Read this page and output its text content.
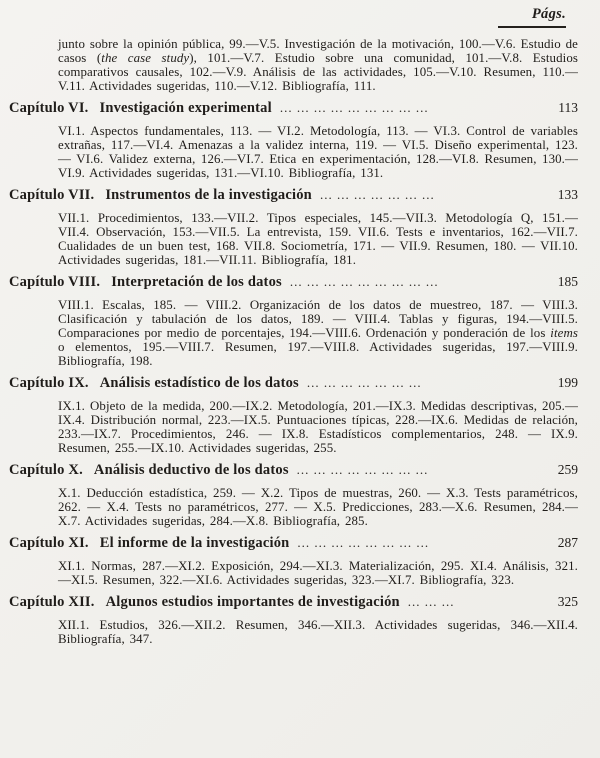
Págs.

junto sobre la opinión pública, 99.—V.5. Investigación de la motivación, 100.—V.6. Estudio de casos (the case study), 101.—V.7. Estudio sobre una comunidad, 101.—V.8. Estudios comparativos causales, 102.—V.9. Análisis de las actividades, 105.—V.10. Resumen, 110.—V.11. Actividades sugeridas, 110.—V.12. Bibliografía, 111.

Capítulo VI. Investigación experimental ... ... ... ... ... ... ... ... ...	113

VI.1. Aspectos fundamentales, 113. — VI.2. Metodología, 113. — VI.3. Control de variables extrañas, 117.—VI.4. Amenazas a la validez interna, 119. — VI.5. Diseño experimental, 123. — VI.6. Validez externa, 126.—VI.7. Etica en experimentación, 128.—VI.8. Resumen, 130.—VI.9. Actividades sugeridas, 131.—VI.10. Bibliografía, 131.

Capítulo VII. Instrumentos de la investigación ... ... ... ... ... ... ...	133

VII.1. Procedimientos, 133.—VII.2. Tipos especiales, 145.—VII.3. Metodología Q, 151.—VII.4. Observación, 153.—VII.5. La entrevista, 159. VII.6. Tests e inventarios, 162.—VII.7. Cualidades de un buen test, 168. VII.8. Sociometría, 171. — VII.9. Resumen, 180. — VII.10. Actividades sugeridas, 181.—VII.11. Bibliografía, 181.

Capítulo VIII. Interpretación de los datos ... ... ... ... ... ... ... ... ...	185

VIII.1. Escalas, 185. — VIII.2. Organización de los datos de muestreo, 187. — VIII.3. Clasificación y tabulación de los datos, 189. — VIII.4. Tablas y figuras, 194.—VIII.5. Comparaciones por medio de porcentajes, 194.—VIII.6. Ordenación y ponderación de los items o elementos, 195.—VIII.7. Resumen, 197.—VIII.8. Actividades sugeridas, 197.—VIII.9. Bibliografía, 198.

Capítulo IX. Análisis estadístico de los datos ... ... ... ... ... ... ...	199

IX.1. Objeto de la medida, 200.—IX.2. Metodología, 201.—IX.3. Medidas descriptivas, 205.—IX.4. Distribución normal, 223.—IX.5. Puntuaciones típicas, 228.—IX.6. Medidas de relación, 233.—IX.7. Procedimientos, 246. — IX.8. Estadísticos complementarios, 248. — IX.9. Resumen, 255.—IX.10. Actividades sugeridas, 255.

Capítulo X. Análisis deductivo de los datos ... ... ... ... ... ... ... ...	259

X.1. Deducción estadística, 259. — X.2. Tipos de muestras, 260. — X.3. Tests paramétricos, 262. — X.4. Tests no paramétricos, 277. — X.5. Predicciones, 283.—X.6. Resumen, 284.—X.7. Actividades sugeridas, 284.—X.8. Bibliografía, 285.

Capítulo XI. El informe de la investigación ... ... ... ... ... ... ... ...	287

XI.1. Normas, 287.—XI.2. Exposición, 294.—XI.3. Materialización, 295. XI.4. Análisis, 321.—XI.5. Resumen, 322.—XI.6. Actividades sugeridas, 323.—XI.7. Bibliografía, 323.

Capítulo XII. Algunos estudios importantes de investigación ... ... ...	325

XII.1. Estudios, 326.—XII.2. Resumen, 346.—XII.3. Actividades sugeridas, 346.—XII.4. Bibliografía, 347.
